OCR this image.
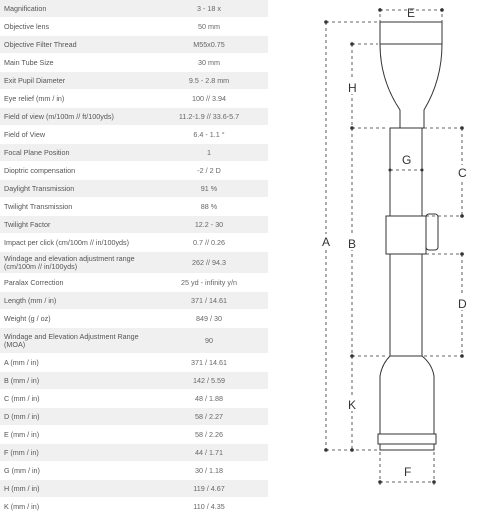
Magnification	3 - 18 x
Objective lens	50 mm
Objective Filter Thread	M55x0.75
Main Tube Size	30 mm
Exit Pupil Diameter	9.5 - 2.8 mm
Eye relief (mm / in)	100 // 3.94
Field of view (m/100m // ft/100yds)	11.2-1.9 // 33.6-5.7
Field of View	6.4 - 1.1 °
Focal Plane Position	1
Dioptric compensation	-2 / 2 D
Daylight Transmission	91 %
Twilight Transmission	88 %
Twilight Factor	12.2 - 30
Impact per click (cm/100m // in/100yds)	0.7 // 0.26
Windage and elevation adjustment range (cm/100m // in/100yds)	262 // 94.3
Paralax Correction	25 yd - infinity y/n
Length (mm / in)	371 / 14.61
Weight (g / oz)	849 / 30
Windage and Elevation Adjustment Range (MOA)	90
A (mm / in)	371 / 14.61
B (mm / in)	142 / 5.59
C (mm / in)	48 / 1.88
D (mm / in)	58 / 2.27
E (mm / in)	58 / 2.26
F (mm / in)	44 / 1.71
G (mm / in)	30 / 1.18
H (mm / in)	119 / 4.67
K (mm / in)	110 / 4.35
A B
C
D
E
F
G
H
K
